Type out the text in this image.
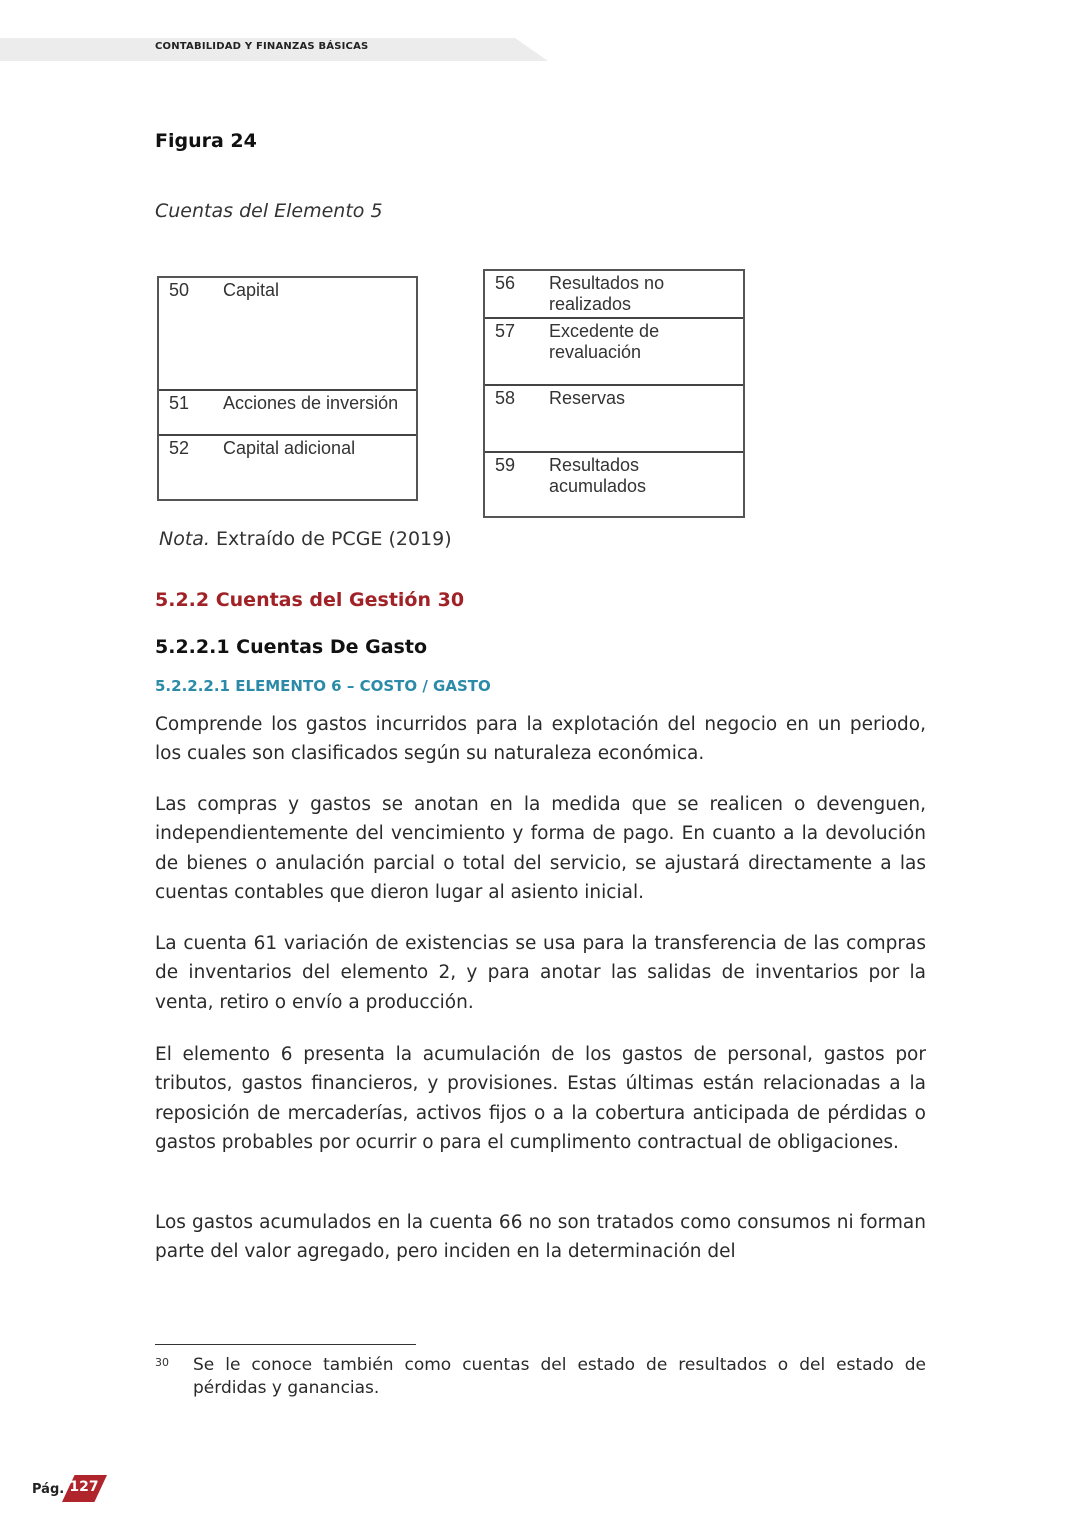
CONTABILIDAD Y FINANZAS BÁSICAS
Figura 24
Cuentas del Elemento 5
50 Capital
51 Acciones de inversión
52 Capital adicional
56 Resultados no realizados
57 Excedente de revaluación
58 Reservas
59 Resultados acumulados
Nota. Extraído de PCGE (2019)
5.2.2 Cuentas del Gestión 30
5.2.2.1 Cuentas De Gasto
5.2.2.2.1 ELEMENTO 6 – COSTO / GASTO

Comprende los gastos incurridos para la explotación del negocio en un periodo, los cuales son clasificados según su naturaleza económica.

Las compras y gastos se anotan en la medida que se realicen o devenguen, independientemente del vencimiento y forma de pago. En cuanto a la devolución de bienes o anulación parcial o total del servicio, se ajustará directamente a las cuentas contables que dieron lugar al asiento inicial.

La cuenta 61 variación de existencias se usa para la transferencia de las compras de inventarios del elemento 2, y para anotar las salidas de inventarios por la venta, retiro o envío a producción.

El elemento 6 presenta la acumulación de los gastos de personal, gastos por tributos, gastos financieros, y provisiones. Estas últimas están relacionadas a la reposición de mercaderías, activos fijos o a la cobertura anticipada de pérdidas o gastos probables por ocurrir o para el cumplimento contractual de obligaciones.

Los gastos acumulados en la cuenta 66 no son tratados como consumos ni forman parte del valor agregado, pero inciden en la determinación del

30 Se le conoce también como cuentas del estado de resultados o del estado de pérdidas y ganancias.

Pág. 127
